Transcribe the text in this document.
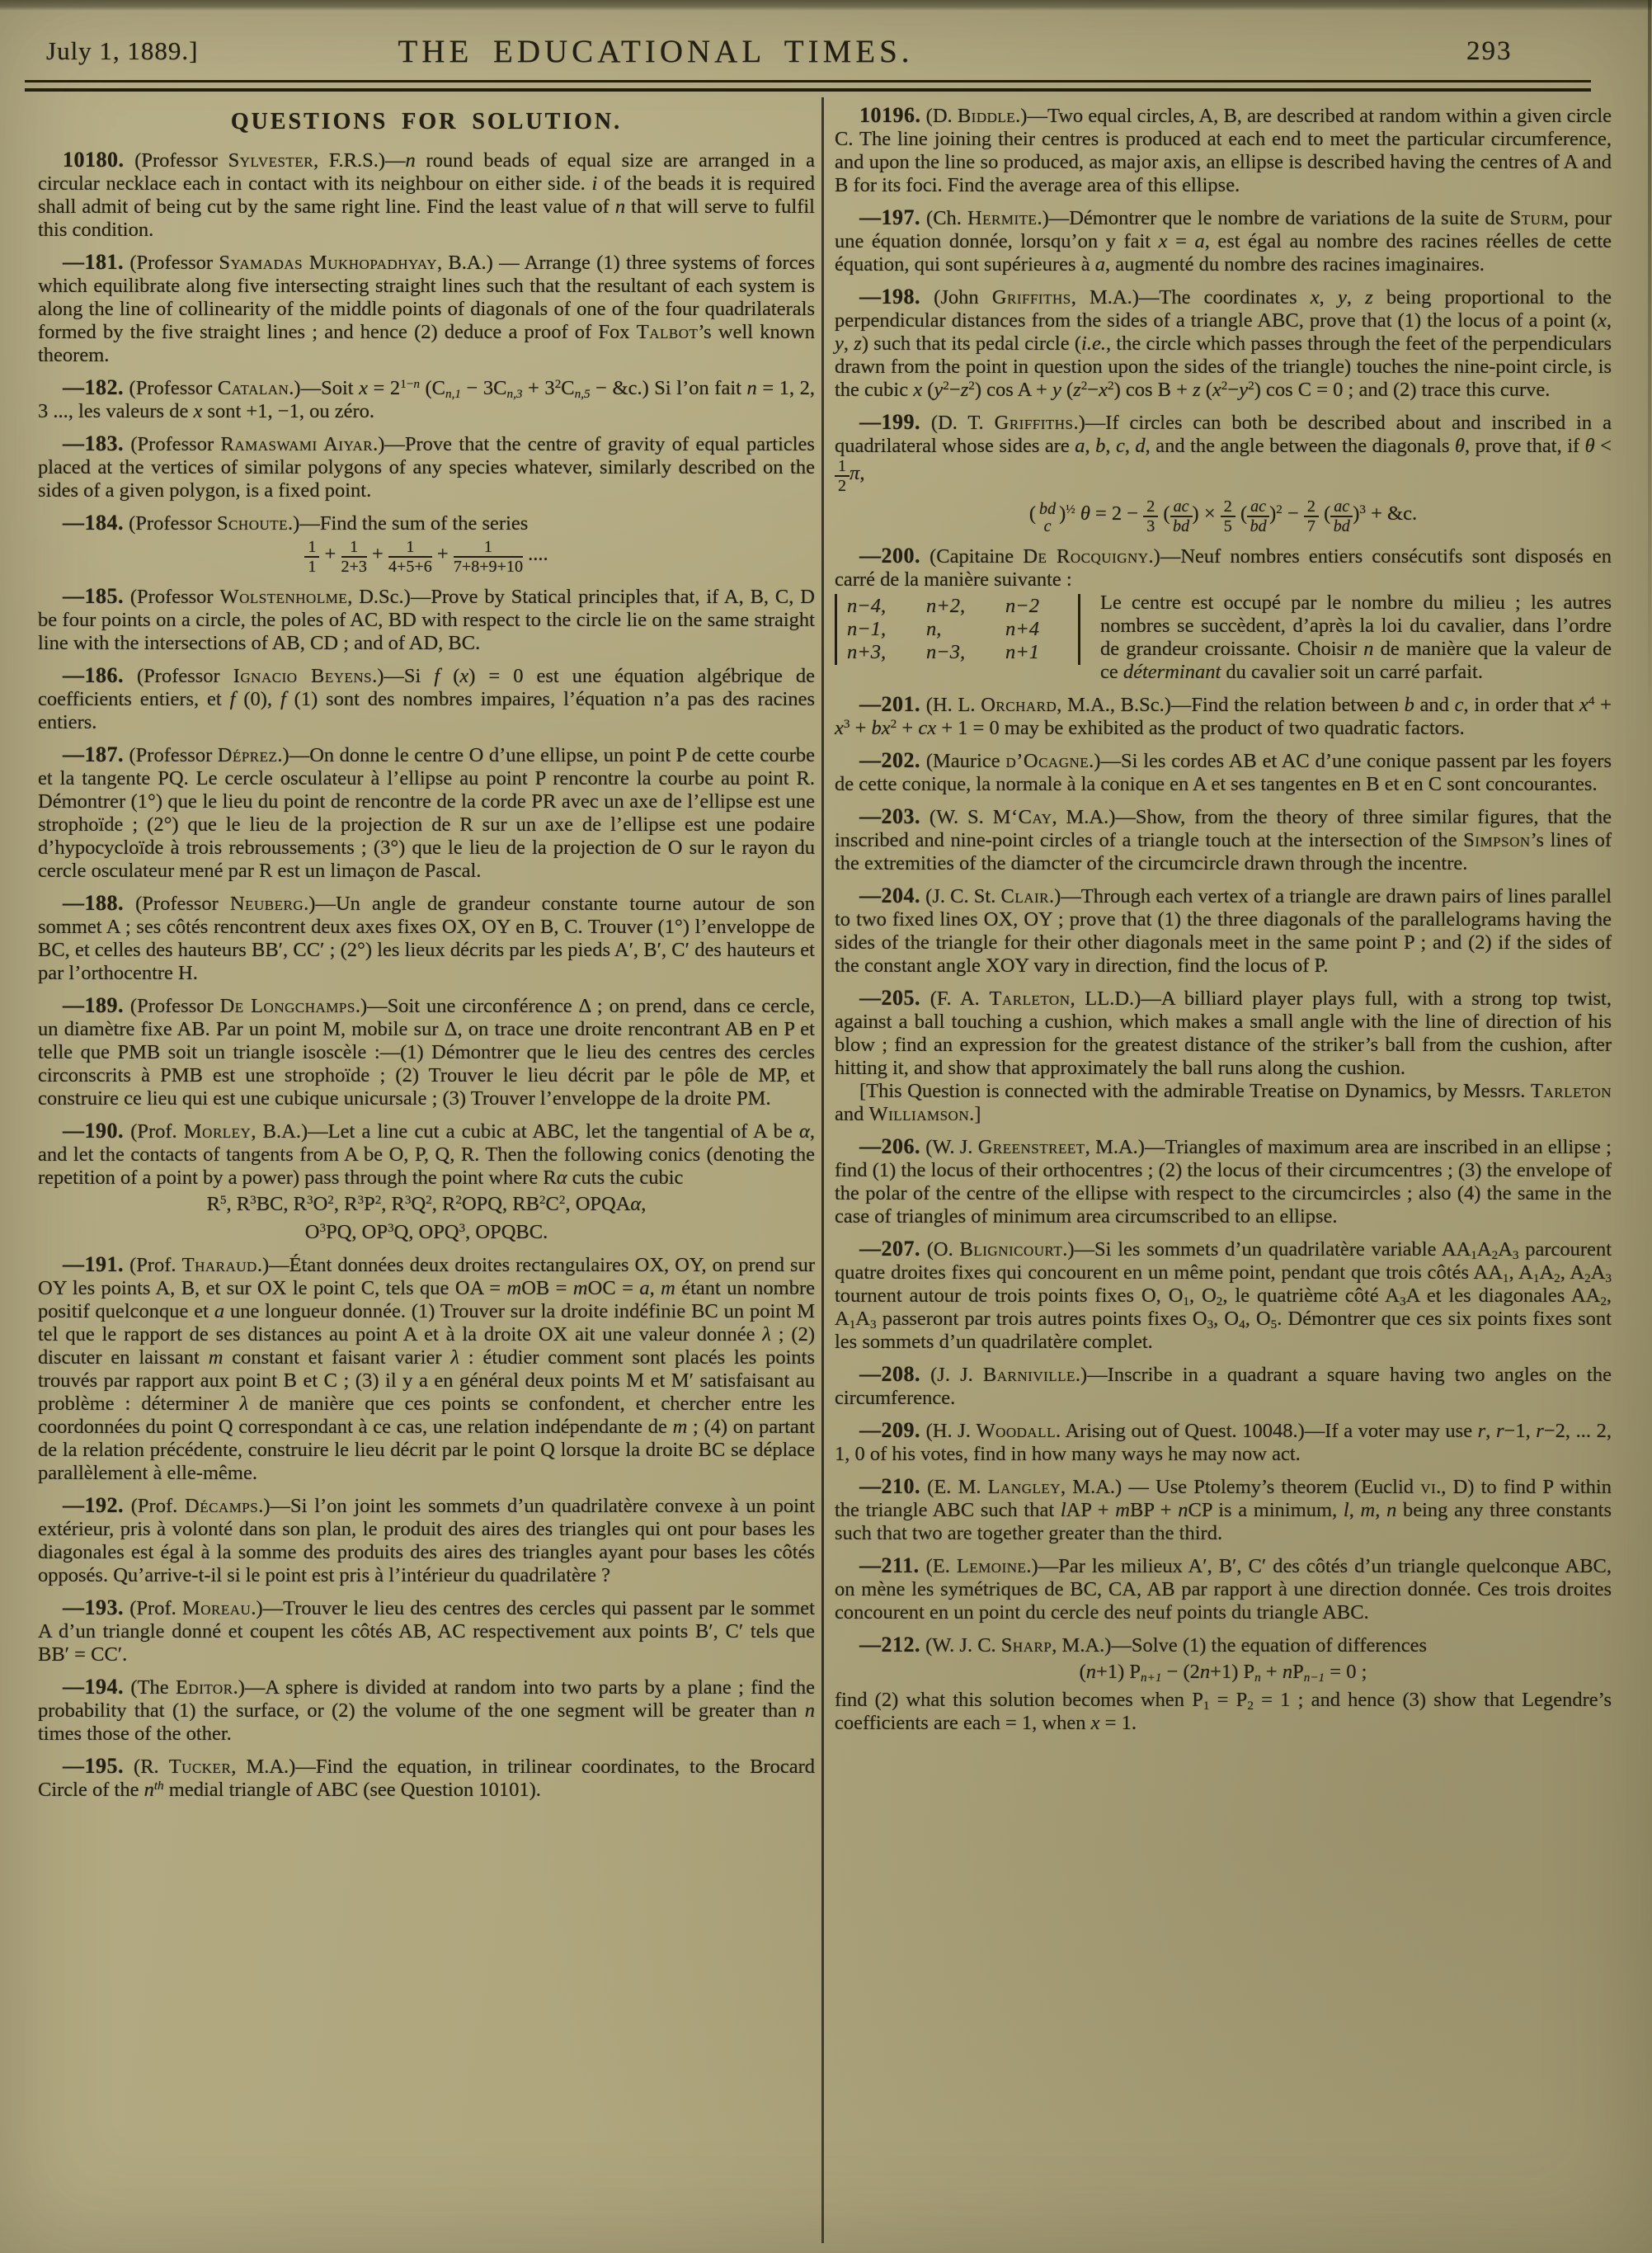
July 1, 1889.]	THE EDUCATIONAL TIMES.	293
QUESTIONS FOR SOLUTION.

10180. (Professor Sylvester, F.R.S.)—n round beads of equal size are arranged in a circular necklace each in contact with its neighbour on either side. i of the beads it is required shall admit of being cut by the same right line. Find the least value of n that will serve to fulfil this condition.

—181. (Professor Syamadas Mukhopadhyay, B.A.) — Arrange (1) three systems of forces which equilibrate along five intersecting straight lines such that the resultant of each system is along the line of collinearity of the middle points of diagonals of one of the four quadrilaterals formed by the five straight lines ; and hence (2) deduce a proof of Fox Talbot’s well known theorem.

—182. (Professor Catalan.)—Soit $x = 2^{1-n}$ ($Cn,1 - 3Cn,3 + 3^2Cn,5$ − &c.) Si l’on fait n = 1, 2, 3 ..., les valeurs de x sont +1, −1, ou zéro.

—183. (Professor Ramaswami Aiyar.)—Prove that the centre of gravity of equal particles placed at the vertices of similar polygons of any species whatever, similarly described on the sides of a given polygon, is a fixed point.

—184. (Professor Schoute.)—Find the sum of the series

$\frac{1}{1} + \frac{1}{2+3} + \frac{1}{4+5+6} + \frac{1}{7+8+9+10}$ ....

—185. (Professor Wolstenholme, D.Sc.)—Prove by Statical principles that, if A, B, C, D be four points on a circle, the poles of AC, BD with respect to the circle lie on the same straight line with the intersections of AB, CD ; and of AD, BC.

—186. (Professor Ignacio Beyens.)—Si f (x) = 0 est une équation algébrique de coefficients entiers, et f (0), f (1) sont des nombres impaires, l’équation n’a pas des racines entiers.

—187. (Professor Déprez.)—On donne le centre O d’une ellipse, un point P de cette courbe et la tangente PQ. Le cercle osculateur à l’ellipse au point P rencontre la courbe au point R. Démontrer (1°) que le lieu du point de rencontre de la corde PR avec un axe de l’ellipse est une strophoïde ; (2°) que le lieu de la projection de R sur un axe de l’ellipse est une podaire d’hypocycloïde à trois rebroussements ; (3°) que le lieu de la projection de O sur le rayon du cercle osculateur mené par R est un limaçon de Pascal.

—188. (Professor Neuberg.)—Un angle de grandeur constante tourne autour de son sommet A ; ses côtés rencontrent deux axes fixes OX, OY en B, C. Trouver (1°) l’enveloppe de BC, et celles des hauteurs BB′, CC′ ; (2°) les lieux décrits par les pieds A′, B′, C′ des hauteurs et par l’orthocentre H.

—189. (Professor De Longchamps.)—Soit une circonférence Δ ; on prend, dans ce cercle, un diamètre fixe AB. Par un point M, mobile sur Δ, on trace une droite rencontrant AB en P et telle que PMB soit un triangle isoscèle :—(1) Démontrer que le lieu des centres des cercles circonscrits à PMB est une strophoïde ; (2) Trouver le lieu décrit par le pôle de MP, et construire ce lieu qui est une cubique unicursale ; (3) Trouver l’enveloppe de la droite PM.

—190. (Prof. Morley, B.A.)—Let a line cut a cubic at ABC, let the tangential of A be α, and let the contacts of tangents from A be O, P, Q, R. Then the following conics (denoting the repetition of a point by a power) pass through the point where Rα cuts the cubic

$R^5$, $R^3BC$, $R^3O^2$, $R^3P^2$, $R^3Q^2$, $R^2OPQ$, $RB^2C^2$, OPQAα,
$O^3PQ$, $OP^3Q$, OPQ$^3$, OPQBC.

—191. (Prof. Tharaud.)—Étant données deux droites rectangulaires OX, OY, on prend sur OY les points A, B, et sur OX le point C, tels que OA = mOB = mOC = a, m étant un nombre positif quelconque et a une longueur donnée. (1) Trouver sur la droite indéfinie BC un point M tel que le rapport de ses distances au point A et à la droite OX ait une valeur donnée λ ; (2) discuter en laissant m constant et faisant varier λ : étudier comment sont placés les points trouvés par rapport aux point B et C ; (3) il y a en général deux points M et M′ satisfaisant au problème : déterminer λ de manière que ces points se confondent, et chercher entre les coordonnées du point Q correspondant à ce cas, une relation indépendante de m ; (4) on partant de la relation précédente, construire le lieu décrit par le point Q lorsque la droite BC se déplace parallèlement à elle-même.

—192. (Prof. Décamps.)—Si l’on joint les sommets d’un quadrilatère convexe à un point extérieur, pris à volonté dans son plan, le produit des aires des triangles qui ont pour bases les diagonales est égal à la somme des produits des aires des triangles ayant pour bases les côtés opposés. Qu’arrive-t-il si le point est pris à l’intérieur du quadrilatère ?

—193. (Prof. Moreau.)—Trouver le lieu des centres des cercles qui passent par le sommet A d’un triangle donné et coupent les côtés AB, AC respectivement aux points B′, C′ tels que BB′ = CC′.

—194. (The Editor.)—A sphere is divided at random into two parts by a plane ; find the probability that (1) the surface, or (2) the volume of the one segment will be greater than n times those of the other.

—195. (R. Tucker, M.A.)—Find the equation, in trilinear coordinates, to the Brocard Circle of the $n^{th}$ medial triangle of ABC (see Question 10101).

10196. (D. Biddle.)—Two equal circles, A, B, are described at random within a given circle C. The line joining their centres is produced at each end to meet the particular circumference, and upon the line so produced, as major axis, an ellipse is described having the centres of A and B for its foci. Find the average area of this ellipse.

—197. (Ch. Hermite.)—Démontrer que le nombre de variations de la suite de Sturm, pour une équation donnée, lorsqu’on y fait x = a, est égal au nombre des racines réelles de cette équation, qui sont supérieures à a, augmenté du nombre des racines imaginaires.

—198. (John Griffiths, M.A.)—The coordinates x, y, z being proportional to the perpendicular distances from the sides of a triangle ABC, prove that (1) the locus of a point (x, y, z) such that its pedal circle (i.e., the circle which passes through the feet of the perpendiculars drawn from the point in question upon the sides of the triangle) touches the nine-point circle, is the cubic x $(y^2-z^2)$ cos A + y $(z^2-x^2)$ cos B + z $(x^2-y^2)$ cos C = 0 ; and (2) trace this curve.

—199. (D. T. Griffiths.)—If circles can both be described about and inscribed in a quadrilateral whose sides are a, b, c, d, and the angle between the diagonals θ, prove that, if θ <
$\frac{1}{2} \pi$,

( bd
c
)$^{\frac{1}{2}}$ $\theta = 2 - \frac{2}{3}$ ( $\frac{ac}{bd}$ ) × $\frac{2}{5}$ ( $\frac{ac}{bd} )^2 - \frac{2}{7}$ ( $\frac{ac}{bd} )^3$ + &c.

—200. (Capitaine De Rocquigny.)—Neuf nombres entiers consécutifs sont disposés en carré de la manière suivante :

n−4,	n+2,	n−2
n−1,	n,	n+4
n+3,	n−3,	n+1
Le centre est occupé par le nombre du milieu ; les autres nombres se succèdent, d’après la loi du cavalier, dans l’ordre de grandeur croissante. Choisir n de manière que la valeur de ce déterminant du cavalier soit un carré parfait.

—201. (H. L. Orchard, M.A., B.Sc.)—Find the relation between b and c, in order that $x^4 + x^3 + bx^2$ + cx + 1 = 0 may be exhibited as the product of two quadratic factors.

—202. (Maurice d’Ocagne.)—Si les cordes AB et AC d’une conique passent par les foyers de cette conique, la normale à la conique en A et ses tangentes en B et en C sont concourantes.

—203. (W. S. M‘Cay, M.A.)—Show, from the theory of three similar figures, that the inscribed and nine-point circles of a triangle touch at the intersection of the Simpson’s lines of the extremities of the diamcter of the circumcircle drawn through the incentre.

—204. (J. C. St. Clair.)—Through each vertex of a triangle are drawn pairs of lines parallel to two fixed lines OX, OY ; prove that (1) the three diagonals of the parallelograms having the sides of the triangle for their other diagonals meet in the same point P ; and (2) if the sides of the constant angle XOY vary in direction, find the locus of P.

—205. (F. A. Tarleton, LL.D.)—A billiard player plays full, with a strong top twist, against a ball touching a cushion, which makes a small angle with the line of direction of his blow ; find an expression for the greatest distance of the striker’s ball from the cushion, after hitting it, and show that approximately the ball runs along the cushion.

[This Question is connected with the admirable Treatise on Dynamics, by Messrs. Tarleton and Williamson.]

—206. (W. J. Greenstreet, M.A.)—Triangles of maximum area are inscribed in an ellipse ; find (1) the locus of their orthocentres ; (2) the locus of their circumcentres ; (3) the envelope of the polar of the centre of the ellipse with respect to the circumcircles ; also (4) the same in the case of triangles of minimum area circumscribed to an ellipse.

—207. (O. Blignicourt.)—Si les sommets d’un quadrilatère variable AA1A2A3 parcourent quatre droites fixes qui concourent en un même point, pendant que trois côtés AA1, A1A2, A2A3 tournent autour de trois points fixes O, O1, O2, le quatrième côté A3A et les diagonales AA2, A1A3 passeront par trois autres points fixes O3, O4, O5. Démontrer que ces six points fixes sont les sommets d’un quadrilatère complet.

—208. (J. J. Barniville.)—Inscribe in a quadrant a square having two angles on the circumference.

—209. (H. J. Woodall. Arising out of Quest. 10048.)—If a voter may use r, r−1, r−2, ... 2, 1, 0 of his votes, find in how many ways he may now act.

—210. (E. M. Langley, M.A.) — Use Ptolemy’s theorem (Euclid vi., D) to find P within the triangle ABC such that lAP + mBP + nCP is a minimum, l, m, n being any three constants such that two are together greater than the third.

—211. (E. Lemoine.)—Par les milieux A′, B′, C′ des côtés d’un triangle quelconque ABC, on mène les symétriques de BC, CA, AB par rapport à une direction donnée. Ces trois droites concourent en un point du cercle des neuf points du triangle ABC.

—212. (W. J. C. Sharp, M.A.)—Solve (1) the equation of differences

(n+1) Pn+1 − (2n+1) Pn + nPn−1 = 0 ;

find (2) what this solution becomes when P1 = P2 = 1 ; and hence (3) show that Legendre’s coefficients are each = 1, when x = 1.
